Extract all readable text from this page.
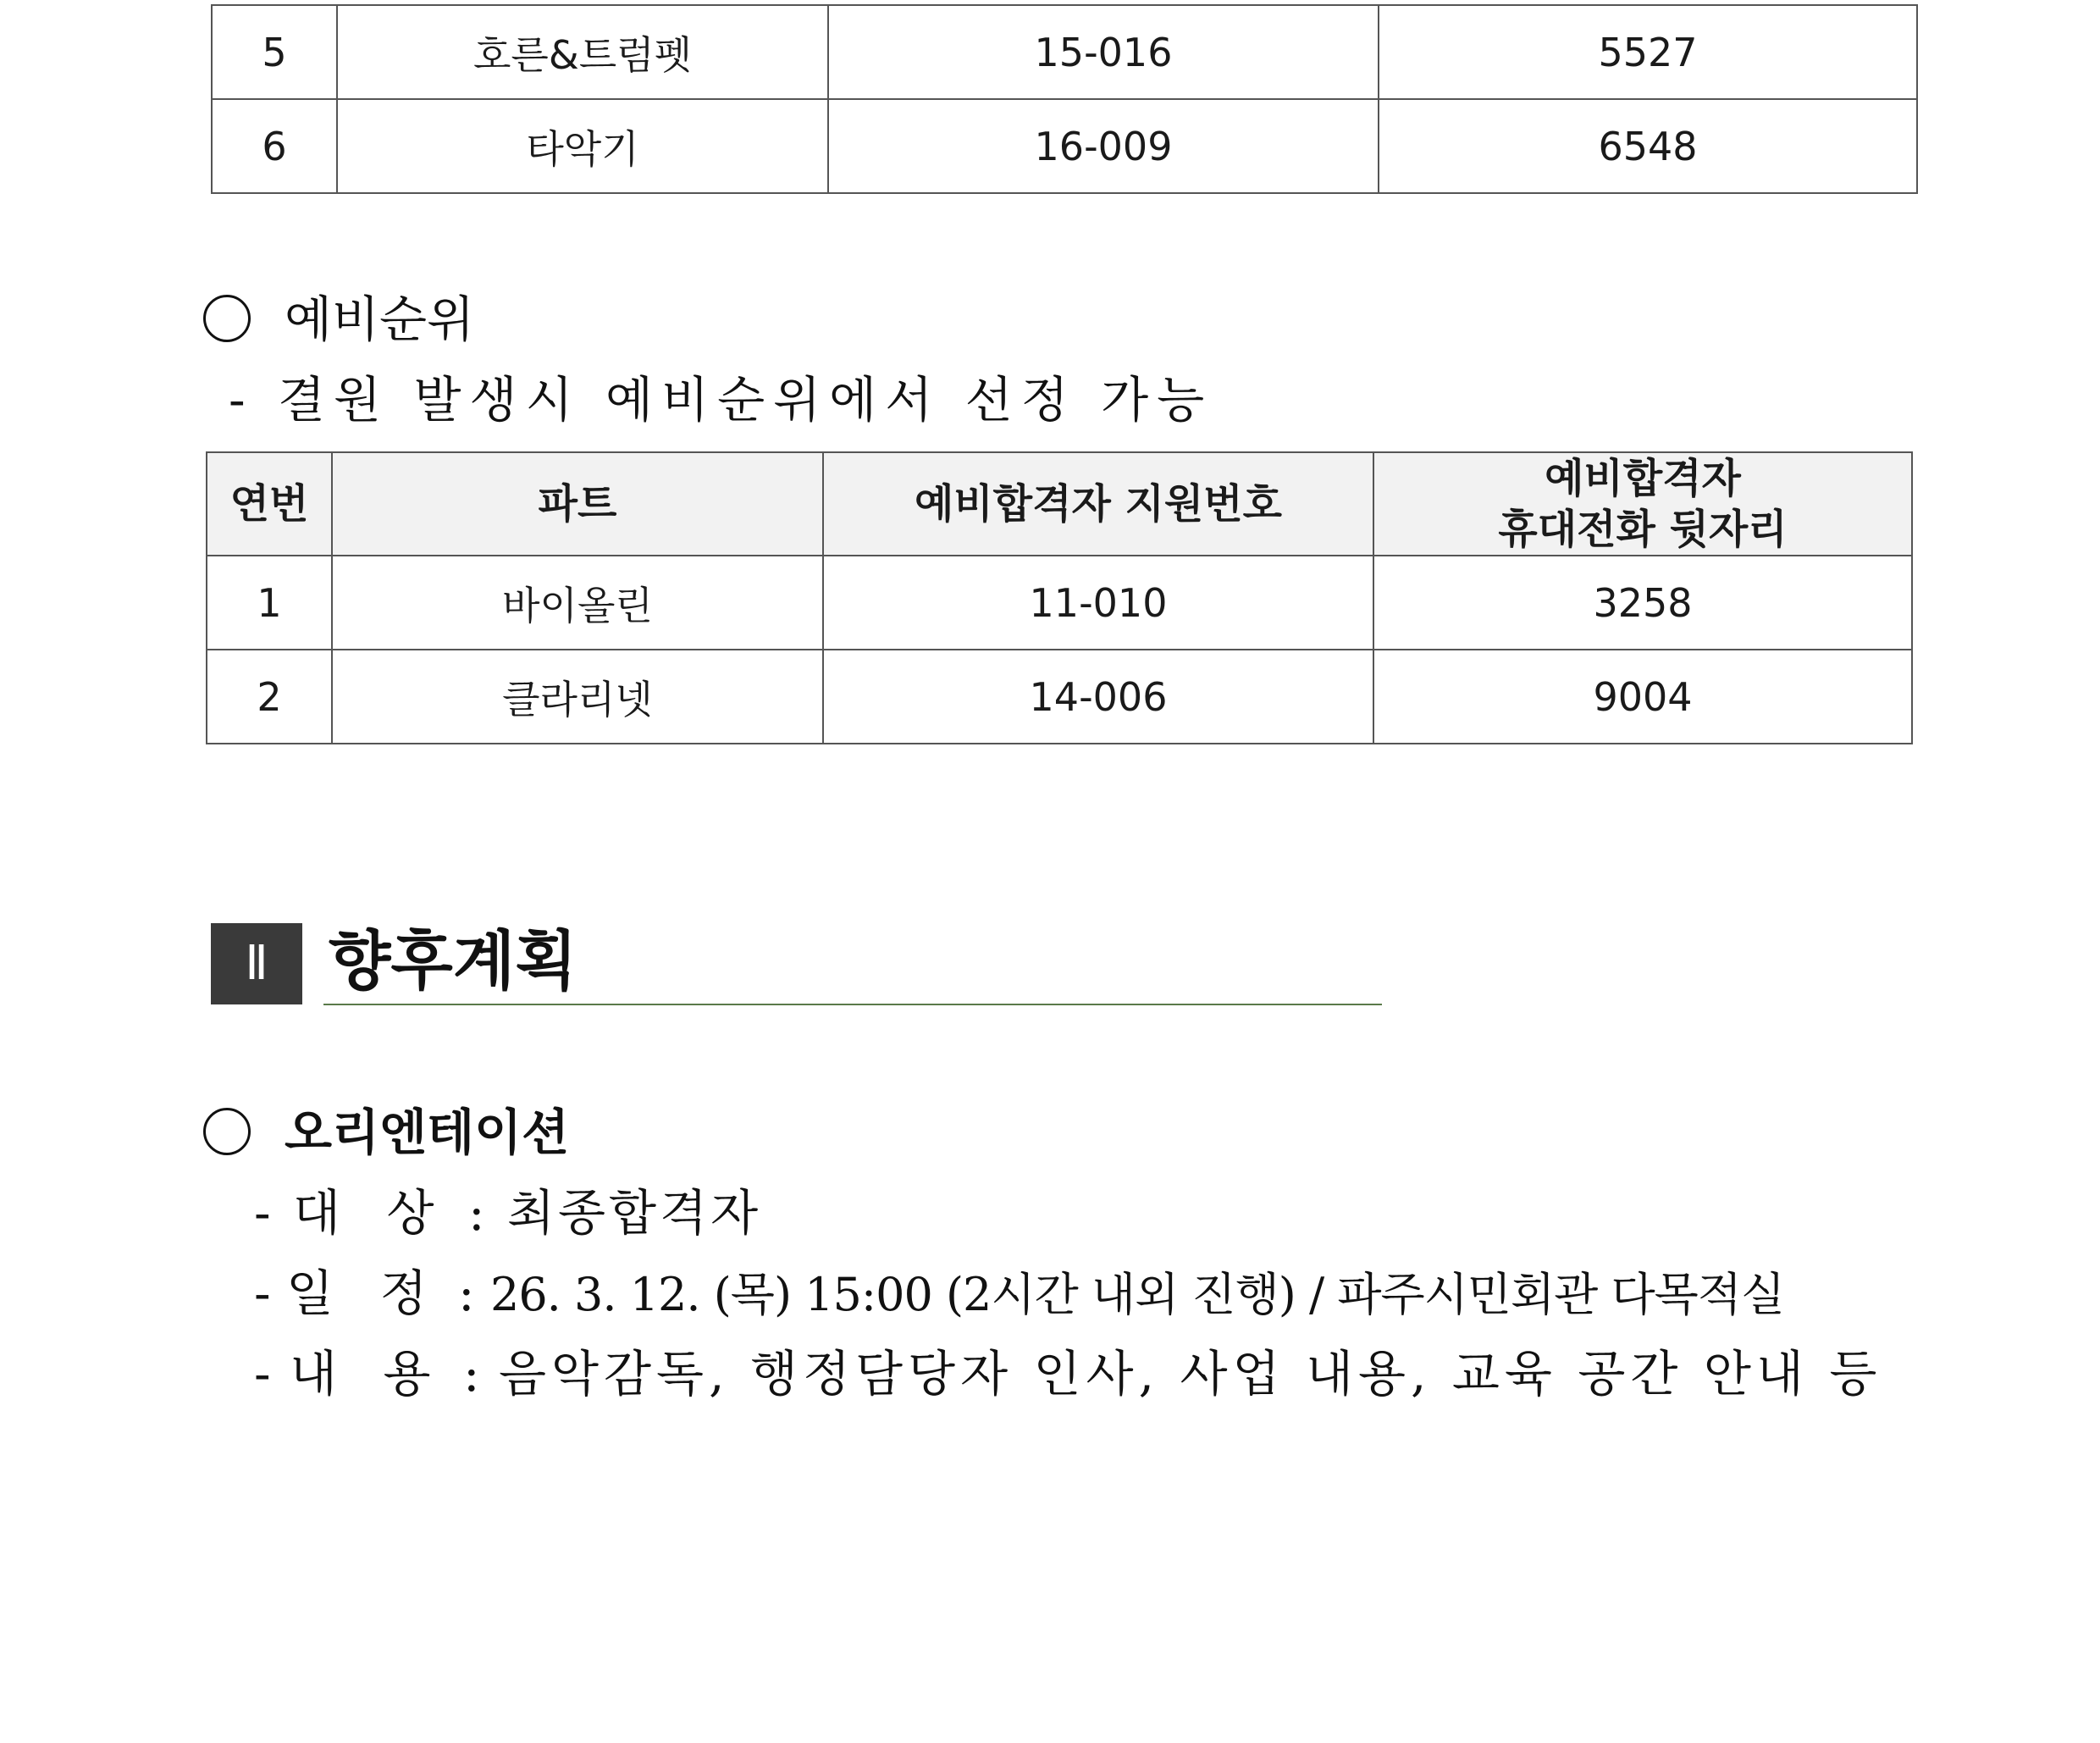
5	호른&트럼펫	15-016	5527
6	타악기	16-009	6548
예비순위
- 결원 발생시 예비순위에서 선정 가능
연번	파트	예비합격자 지원번호	예비합격자
휴대전화 뒷자리

1	바이올린	11-010	3258
2	클라리넷	14-006	9004
Ⅱ 향후계획
오리엔테이션
- 대 상 : 최종합격자
- 일 정 : 26. 3. 12. (목) 15:00 (2시간 내외 진행) / 파주시민회관 다목적실
- 내 용 : 음악감독, 행정담당자 인사, 사업 내용, 교육 공간 안내 등
